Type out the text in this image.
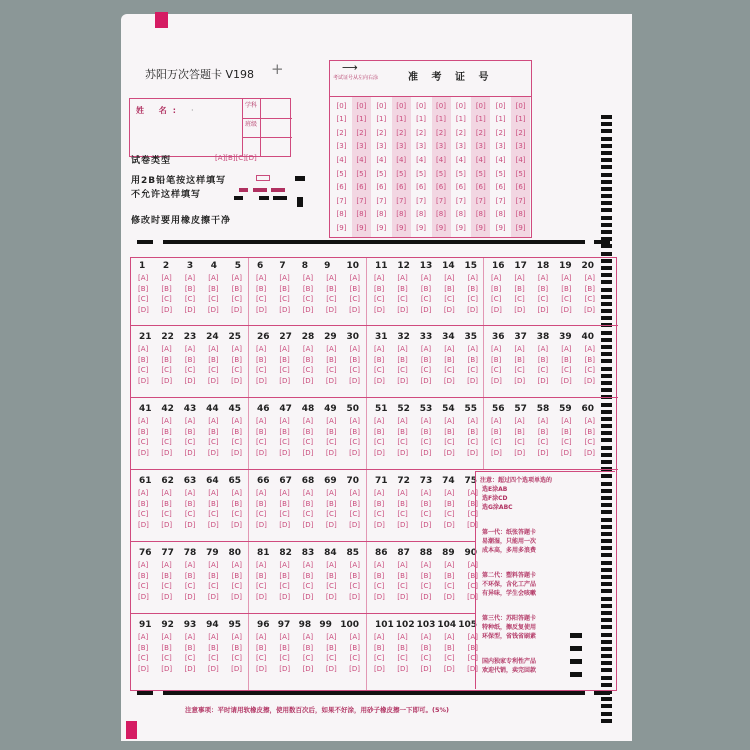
苏阳万次答题卡 V198 +
姓 名: ·
学科
班级
试卷类型	[A][B][C][D]
用2B铅笔按这样填写
不允许这样填写
修改时要用橡皮擦干净
⟶
考试证号从左向右涂	准 考 证 号
[0]
[1]
[2]
[3]
[4]
[5]
[6]
[7]
[8]
[9]
[0]
[1]
[2]
[3]
[4]
[5]
[6]
[7]
[8]
[9]
[0]
[1]
[2]
[3]
[4]
[5]
[6]
[7]
[8]
[9]
[0]
[1]
[2]
[3]
[4]
[5]
[6]
[7]
[8]
[9]
[0]
[1]
[2]
[3]
[4]
[5]
[6]
[7]
[8]
[9]
[0]
[1]
[2]
[3]
[4]
[5]
[6]
[7]
[8]
[9]
[0]
[1]
[2]
[3]
[4]
[5]
[6]
[7]
[8]
[9]
[0]
[1]
[2]
[3]
[4]
[5]
[6]
[7]
[8]
[9]
[0]
[1]
[2]
[3]
[4]
[5]
[6]
[7]
[8]
[9]
[0]
[1]
[2]
[3]
[4]
[5]
[6]
[7]
[8]
[9]
1 2 3 4 5
[A] [A] [A] [A] [A]
[B] [B] [B] [B] [B]
[C] [C] [C] [C] [C]
[D] [D] [D] [D] [D]
6 7 8 9 10
[A] [A] [A] [A] [A]
[B] [B] [B] [B] [B]
[C] [C] [C] [C] [C]
[D] [D] [D] [D] [D]
11 12 13 14 15
[A] [A] [A] [A] [A]
[B] [B] [B] [B] [B]
[C] [C] [C] [C] [C]
[D] [D] [D] [D] [D]
16 17 18 19 20
[A] [A] [A] [A] [A]
[B] [B] [B] [B] [B]
[C] [C] [C] [C] [C]
[D] [D] [D] [D] [D]
21 22 23 24 25
[A] [A] [A] [A] [A]
[B] [B] [B] [B] [B]
[C] [C] [C] [C] [C]
[D] [D] [D] [D] [D]
26 27 28 29 30
[A] [A] [A] [A] [A]
[B] [B] [B] [B] [B]
[C] [C] [C] [C] [C]
[D] [D] [D] [D] [D]
31 32 33 34 35
[A] [A] [A] [A] [A]
[B] [B] [B] [B] [B]
[C] [C] [C] [C] [C]
[D] [D] [D] [D] [D]
36 37 38 39 40
[A] [A] [A] [A] [A]
[B] [B] [B] [B] [B]
[C] [C] [C] [C] [C]
[D] [D] [D] [D] [D]
41 42 43 44 45
[A] [A] [A] [A] [A]
[B] [B] [B] [B] [B]
[C] [C] [C] [C] [C]
[D] [D] [D] [D] [D]
46 47 48 49 50
[A] [A] [A] [A] [A]
[B] [B] [B] [B] [B]
[C] [C] [C] [C] [C]
[D] [D] [D] [D] [D]
51 52 53 54 55
[A] [A] [A] [A] [A]
[B] [B] [B] [B] [B]
[C] [C] [C] [C] [C]
[D] [D] [D] [D] [D]
56 57 58 59 60
[A] [A] [A] [A] [A]
[B] [B] [B] [B] [B]
[C] [C] [C] [C] [C]
[D] [D] [D] [D] [D]
61 62 63 64 65
[A] [A] [A] [A] [A]
[B] [B] [B] [B] [B]
[C] [C] [C] [C] [C]
[D] [D] [D] [D] [D]
66 67 68 69 70
[A] [A] [A] [A] [A]
[B] [B] [B] [B] [B]
[C] [C] [C] [C] [C]
[D] [D] [D] [D] [D]
71 72 73 74 75
[A] [A] [A] [A] [A]
[B] [B] [B] [B] [B]
[C] [C] [C] [C] [C]
[D] [D] [D] [D] [D]
76 77 78 79 80
[A] [A] [A] [A] [A]
[B] [B] [B] [B] [B]
[C] [C] [C] [C] [C]
[D] [D] [D] [D] [D]
81 82 83 84 85
[A] [A] [A] [A] [A]
[B] [B] [B] [B] [B]
[C] [C] [C] [C] [C]
[D] [D] [D] [D] [D]
86 87 88 89 90
[A] [A] [A] [A] [A]
[B] [B] [B] [B] [B]
[C] [C] [C] [C] [C]
[D] [D] [D] [D] [D]
91 92 93 94 95
[A] [A] [A] [A] [A]
[B] [B] [B] [B] [B]
[C] [C] [C] [C] [C]
[D] [D] [D] [D] [D]
96 97 98 99 100
[A] [A] [A] [A] [A]
[B] [B] [B] [B] [B]
[C] [C] [C] [C] [C]
[D] [D] [D] [D] [D]
101 102 103 104 105
[A] [A] [A] [A] [A]
[B] [B] [B] [B] [B]
[C] [C] [C] [C] [C]
[D] [D] [D] [D] [D]
注意：超过四个选项单选的
选E涂AB
选F涂CD
选G涂ABC
第一代：纸张答题卡
易潮湿，只能用一次
成本高，多用多浪费
第二代：塑料答题卡
不环保，含化工产品
有异味，学生会咳嗽
第三代：苏阳答题卡
特种纸，擦反复使用
环保型，省钱省刷素
国内独家专利性产品
欢迎代销，卖完回款
注意事项：平时请用软橡皮擦，使用数百次后，如果不好涂，用砂子橡皮擦一下即可。(5%)
